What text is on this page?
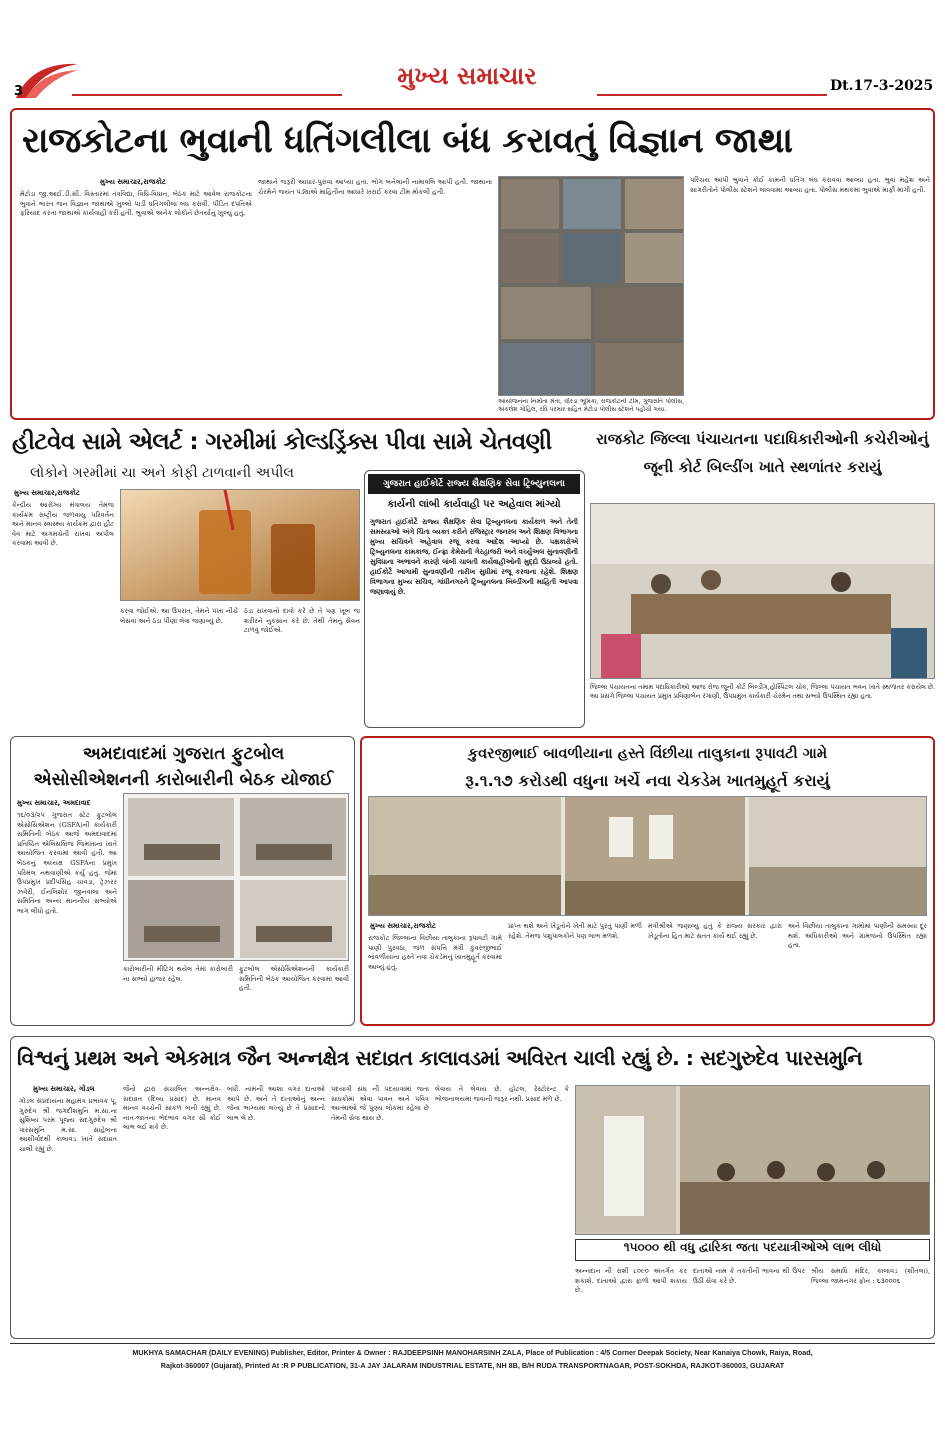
3
મુખ્ય સમાચાર	Dt.17-3-2025
રાજકોટના ભુવાની ધતિંગલીલા બંધ કરાવતું વિજ્ઞાન જાથા
મુખ્ય સમાચાર,રાજકોટ
મેટોડા જી.આઈ.ડી.સી. વિસ્તારમાં તંત્રવિદ્યા, વિધિ-વિધાન, બેઠક માટે આવેલ રાજકોટના ભુવાને ભારત જન વિજ્ઞાન જાથાએ ખુલ્લો પાડી ધતિંગલીલા બંધ કરાવી. પીડિત દંપતિએ ફરિયાદ કરતા જાથાએ કાર્યવાહી કરી હતી. ભુવાએ અનેક લોકોને છેતર્યાનું ખુલ્યું હતું.
જાથાને જરૂરી આધાર-પુરાવા આપ્યા હતા. ભોગ બનેલાની નામાવલિ આપી હતી. જાથાના ચેરમેને જયંત પંડ્યાએ માહિતીના આધારે ખરાઈ કરવા ટીમ મોકલી હતી.
આયોજનના નિર્માતા મેતા, વીરડા ભૂમિકા, રાજકોટની ટીમ, ગુજરાતિ પોલીસ, અંકલેશ ગોહિલ, રવિ પરમાર સહિત મેટોડા પોલીસ સ્ટેશને પહોંચી ગયા.
પરિચય આપી ભુવાને કોઈ કામની ધતિંગ બંધ કરાવવા આવ્યા હતા. ભુવા મહેશ અને સાગરીતોને પોલીસ સ્ટેશને લાવવામાં આવ્યા હતા. પોલીસ મથકમાં ભુવાએ માફી માંગી હતી.
હીટવેવ સામે એલર્ટ : ગરમીમાં કોલ્ડડ્રિંક્સ પીવા સામે ચેતવણી
લોકોને ગરમીમાં ચા અને કોફી ટાળવાની અપીલ
મુખ્ય સમાચાર,રાજકોટ
કેન્દ્રીય આરોગ્ય મંત્રાલય તેમજ કાર્યક્રમ રાષ્ટ્રીય જળવાયુ પરિવર્તન અને માનવ સ્વાસ્થ્ય કાર્યક્રમ દ્વારા હીટ વેવ માટે અગમચેતી રાખવા અપીલ કરવામાં આવી છે.
કરવા જોઈએ. આ ઉપરાંત, તેમને પંખા નીચે બેસવા અને ઠંડા પીણાં લેવા જણાવ્યું છે.
ઠંડા રાખવાનો દાવો કરે છે તે પણ ખૂબ જ શરીરને નુકસાન કરે છે. તેથી તેમનું સેવન ટાળવું જોઈએ.
ગુજરાત હાઈકોર્ટે રાજ્ય શૈક્ષણિક સેવા ટ્રિબ્યુનલના
કાર્યની લાંબી કાર્યવાહી પર અહેવાલ માંગ્યો
ગુજરાત હાઈકોર્ટે રાજ્ય શૈક્ષણિક સેવા ટ્રિબ્યુનલના કાર્યકાળ અને તેની સમસ્યાઓ અંગે ચિંતા વ્યક્ત કરીને રજિસ્ટ્રાર જનરલ અને શિક્ષણ વિભાગના મુખ્ય સચિવને અહેવાલ રજૂ કરવા આદેશ આપ્યો છે. પક્ષકારોએ ટ્રિબ્યુનલના કામકાજ, ઈન્ફ્રા કેમેરાની ગેરહાજરી અને વર્ચ્યુઅલ સુનાવણીની સુવિધાના અભાવને કારણે લાંબી ચાલતી કાર્યવાહીઓની મુદ્દો ઉઠાવ્યો હતો. હાઈકોર્ટે આગામી સુનાવણીની તારીખ સુધીમાં રજૂ કરવાના રહેશે. શિક્ષણ વિભાગના મુખ્ય સચિવ, ગાંધીનગરને ટ્રિબ્યુનલના બિલ્ડીંગની માહિતી આપવા જણાવાયું છે.
રાજકોટ જિલ્લા પંચાયતના પદાધિકારીઓની કચેરીઓનું
જૂની કોર્ટ બિલ્ડીંગ ખાતે સ્થળાંતર કરાયું
જિલ્લા પંચાયતના તમામ પદાધિકારીઓ આજ રોજ જૂની કોર્ટ બિલ્ડીંગ,હોસ્પિટલ ચોક, જિલ્લા પંચાયત ભવન ખાતે સ્થળાંતર કરાયેલ છે. આ પ્રસંગે જિલ્લા પંચાયત પ્રમુખ પ્રવિણાબેન રંગાણી, ઉપપ્રમુખ કાર્યકારી ચેરમેન તથા સભ્યો ઉપસ્થિત રહ્યા હતા.
અમદાવાદમાં ગુજરાત ફુટબોલ
એસોસીએશનની કારોબારીની બેઠક યોજાઈ
મુખ્ય સમાચાર, અમદાવાદ
૧૬/૦૩/૨૫ ગુજરાત સ્ટેટ ફુટબોલ એસોસિએશન (GSFA)ની કાર્યકારી સમિતિની બેઠક આજે અમદાવાદમાં પ્રતિષ્ઠિત એલિસબ્રિજ જિમખાના ખાતે આયોજિત કરવામાં આવી હતી. આ બેઠકનું અધ્યક્ષ GSFAના પ્રમુખ પરિમલ નથવાણીએ કર્યું હતું. જેમાં ઉપપ્રમુખ પ્રદીપસિંહ ચાવડા, ટ્રેઝરર ઝવેરી, ઈનલિશોર જીનવાલા અને સમિતિના અન્ય માનનીય સભ્યોએ ભાગ લીધો હતો.
કારોબારીની મીટિંગ થયેલ તેમાં કારોબારી ના સભ્યો હાજર રહેલ.
ફુટબોલ એસોસિએશનની કાર્યકારી સમિતિની બેઠક આયોજિત કરવામાં આવી હતી.
કુવરજીભાઈ બાવળીયાના હસ્તે વિંછીયા તાલુકાના રૂપાવટી ગામે
રૂ.૧.૧૭ કરોડથી વધુના ખર્ચે નવા ચેકડેમ ખાતમુહૂર્ત કરાયું
મુખ્ય સમાચાર,રાજકોટ
રાજકોટ જિલ્લાના વિંછીયા તાલુકાના રૂપાવટી ગામે પાણી પુરવઠા, જળ સંપત્તિ મંત્રી કુંવરજીભાઈ બાવળીયાના હસ્તે નવા ચેકડેમનું ખાતમુહૂર્ત કરવામાં આવ્યું હતું.
પ્રાપ્ત થશે અને ખેડૂતોને ખેતી માટે પુરતું પાણી મળી રહેશે. તેમજ પશુપાલકોને પણ લાભ મળશે.
મંત્રીશ્રીએ જણાવ્યું હતું કે રાજ્ય સરકાર દ્વારા ખેડૂતોના હિત માટે સતત કાર્ય થઈ રહ્યું છે.
અને વિંછીયા તાલુકાના ગામોમાં પાણીની સમસ્યા દૂર થશે. અધિકારીઓ અને ગ્રામજનો ઉપસ્થિત રહ્યા હતા.
વિશ્વનું પ્રથમ અને એકમાત્ર જૈન અન્નક્ષેત્ર સદાવ્રત કાલાવડમાં અવિરત ચાલી રહ્યું છે. : સદગુરુદેવ પારસમુનિ
મુખ્ય સમાચાર, ગોંડલ
ગોંડલ સંપ્રદાયના મહામંત્ર પ્રભાવક પૂ. ગુરુદેવ શ્રી જગદીશમુનિ મ.સા.ના સુશિષ્ય પરમ પૂજ્ય સદગુરુદેવ શ્રી પારસમુનિ મ.સા. સાહેબના આશીર્વાદથી કાલાવડ ખાતે સદાવ્રત ચાલી રહ્યું છે.
જૈનો દ્વારા સંચાલિત અન્નક્ષેત્ર-સદાવ્રત (દિવ્ય પ્રસાદ) છે. માનવ માનવ વચ્ચેની સાંકળ બની રહ્યું છે. નાત-જાતના ભેદભાવ વગર સૌ કોઈ લાભ લઈ શકે છે.
બધી. નામની આશા વગર દાતાઓ આપે છે. અને તે દાતાઓનું અન્ન જેના ભાગ્યમાં લખ્યું છે તે પ્રસાદનો લાભ લે છે.
પદયાત્રી સંઘ ની પદયાત્રામાં જતા સાધકોમાં એવા પાવન અને પવિત્ર આત્માઓ જે પુણ્ય લોકમાં રહેલા છે તેમની સેવા થાય છે.
લેવાય તે લેવાય છે. હોટલ, રેસ્ટોરન્ટ કે ભોજનાલયમાં જવાની જરૂર નથી. પ્રસાદ મળે છે.
૧૫૦૦૦ થી વધુ દ્વારિકા જતા પદયાત્રીઓએ લાભ લીધો
અન્નદાન ની રાશી ૮૦૯૦ અંતર્ગત કર શકાશે. દાતાઓ દ્વારા ફાળો આપી શકાય છે.
દાતાઓ નામ કે તકતીની ભાવના થી ઉપર ઉઠી સેવા કરે છે.
શ્રીય સમાધિ મંદિર, કાલાવડ (શીતલા), જિલ્લા જામનગર ફોન : ૬૩૦૦૦૬
MUKHYA SAMACHAR (DAILY EVENING) Publisher, Editor, Printer & Owner : RAJDEEPSINH MANOHARSINH ZALA, Place of Publication : 4/5 Corner Deepak Society, Near Kanaiya Chowk, Raiya, Road,
Rajkot-360007 (Gujarat), Printed At :R P PUBLICATION, 31-A JAY JALARAM INDUSTRIAL ESTATE, NH 8B, B/H RUDA TRANSPORTNAGAR, POST-SOKHDA, RAJKOT-360003, GUJARAT
